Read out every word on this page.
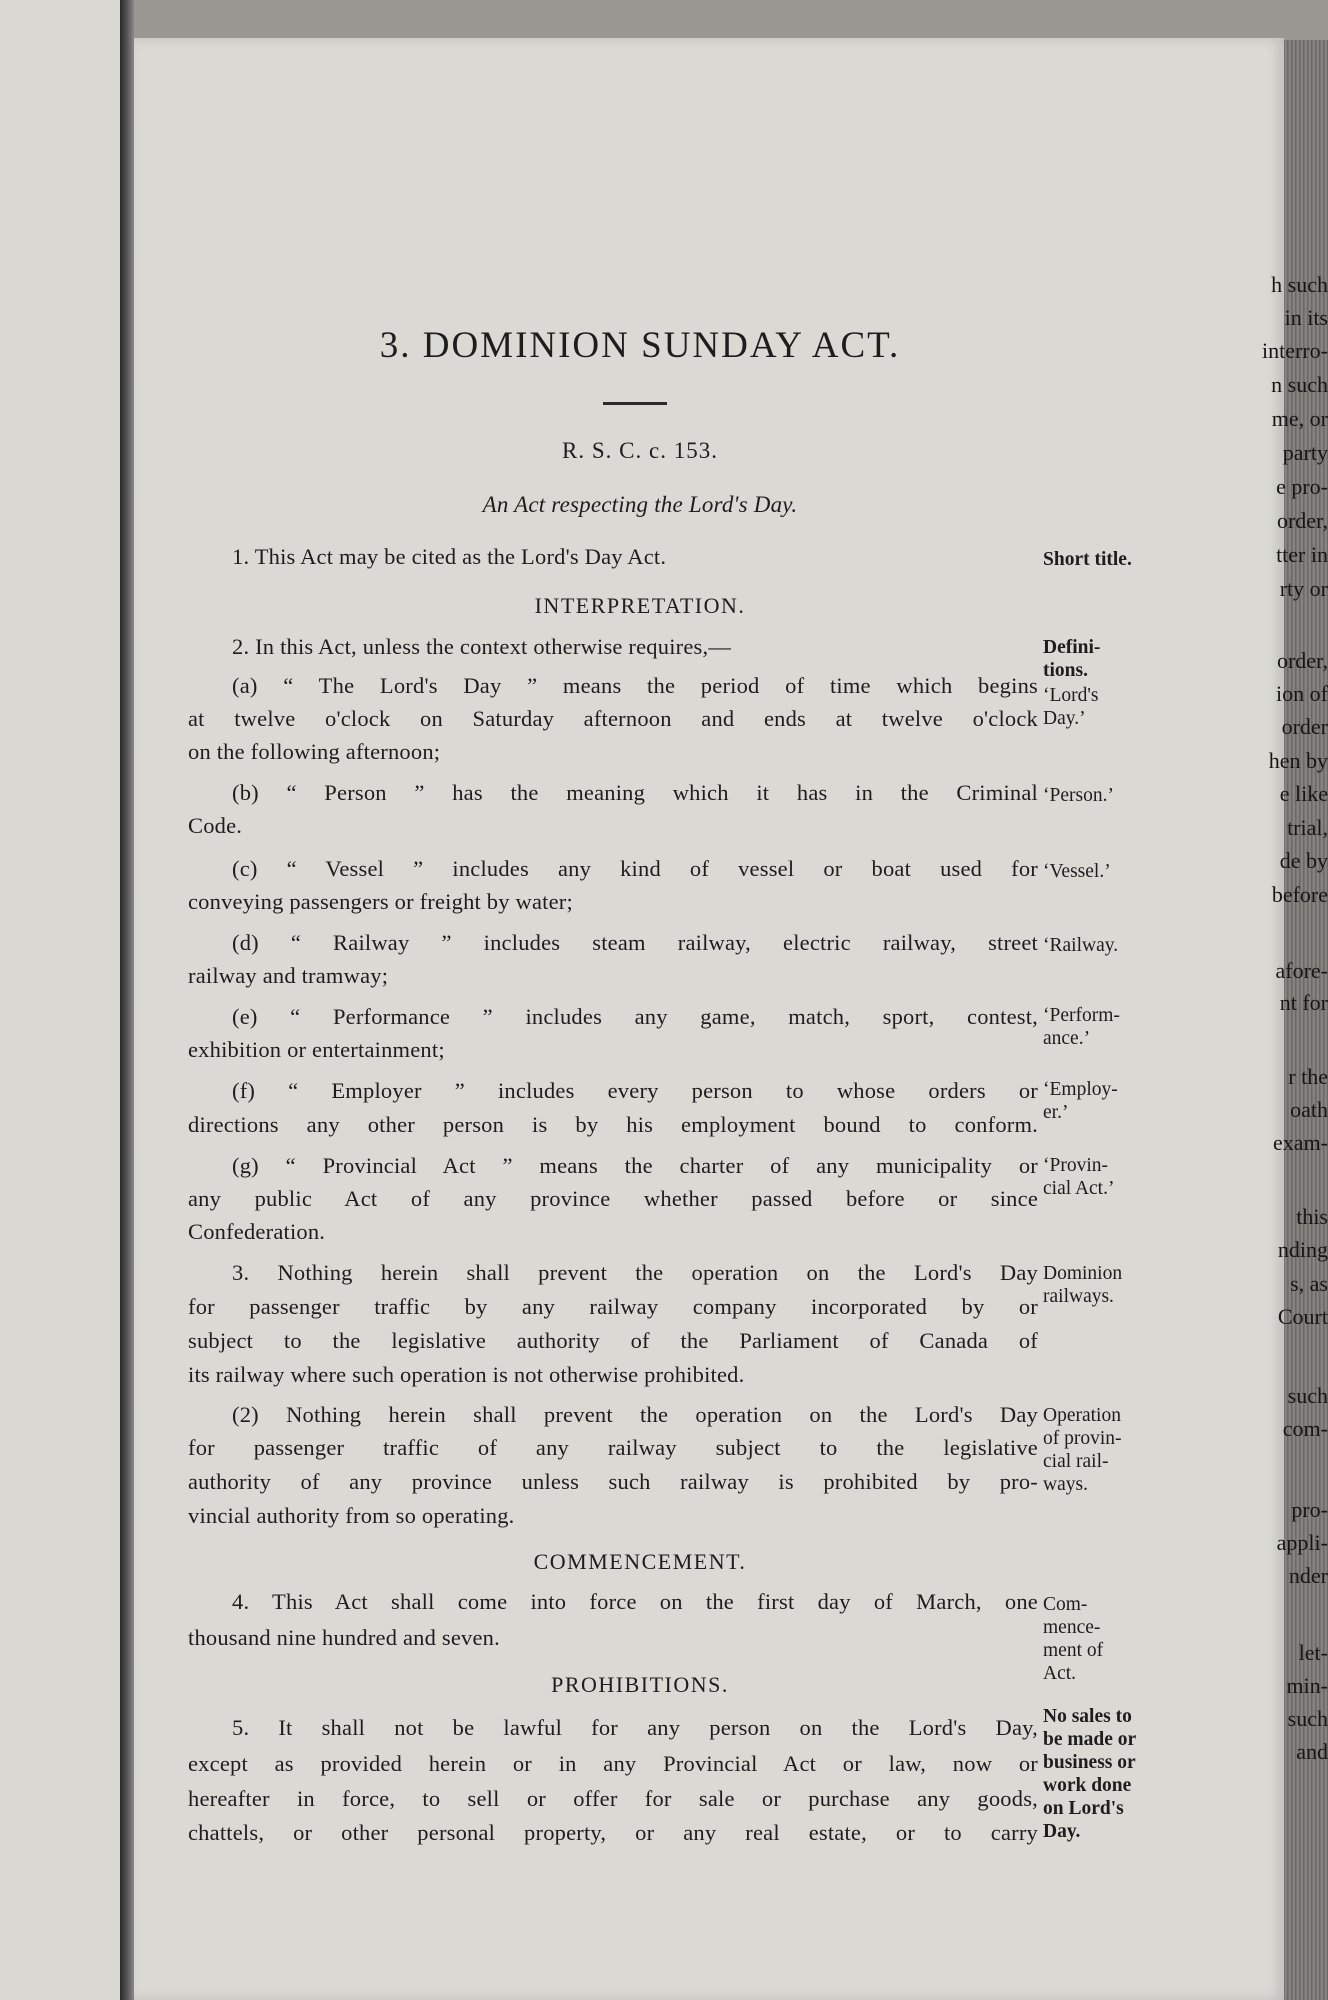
h such
in its
interro-
n such
me, or
party
e pro-
order,
tter in
rty or
order,
ion of
order
hen by
e like
trial,
de by
before
afore-
nt for
r the
oath
exam-
this
nding
s, as
Court
such
com-
pro-
appli-
nder
let-
min-
such
and
3. DOMINION SUNDAY ACT.
R. S. C. c. 153.
An Act respecting the Lord's Day.
1. This Act may be cited as the Lord's Day Act.
INTERPRETATION.
2. In this Act, unless the context otherwise requires,—
(a) “ The Lord's Day ” means the period of time which begins
at twelve o'clock on Saturday afternoon and ends at twelve o'clock
on the following afternoon;
(b) “ Person ” has the meaning which it has in the Criminal
Code.
(c) “ Vessel ” includes any kind of vessel or boat used for
conveying passengers or freight by water;
(d) “ Railway ” includes steam railway, electric railway, street
railway and tramway;
(e) “ Performance ” includes any game, match, sport, contest,
exhibition or entertainment;
(f) “ Employer ” includes every person to whose orders or
directions any other person is by his employment bound to conform.
(g) “ Provincial Act ” means the charter of any municipality or
any public Act of any province whether passed before or since
Confederation.
3. Nothing herein shall prevent the operation on the Lord's Day
for passenger traffic by any railway company incorporated by or
subject to the legislative authority of the Parliament of Canada of
its railway where such operation is not otherwise prohibited.
(2) Nothing herein shall prevent the operation on the Lord's Day
for passenger traffic of any railway subject to the legislative
authority of any province unless such railway is prohibited by pro-
vincial authority from so operating.
COMMENCEMENT.
4. This Act shall come into force on the first day of March, one
thousand nine hundred and seven.
PROHIBITIONS.
5. It shall not be lawful for any person on the Lord's Day,
except as provided herein or in any Provincial Act or law, now or
hereafter in force, to sell or offer for sale or purchase any goods,
chattels, or other personal property, or any real estate, or to carry
Short title.
Defini-
tions.
‘Lord's
Day.’
‘Person.’
‘Vessel.’
‘Railway.
‘Perform-
ance.’
‘Employ-
er.’
‘Provin-
cial Act.’
Dominion
railways.
Operation
of provin-
cial rail-
ways.
Com-
mence-
ment of
Act.
No sales to
be made or
business or
work done
on Lord's
Day.
